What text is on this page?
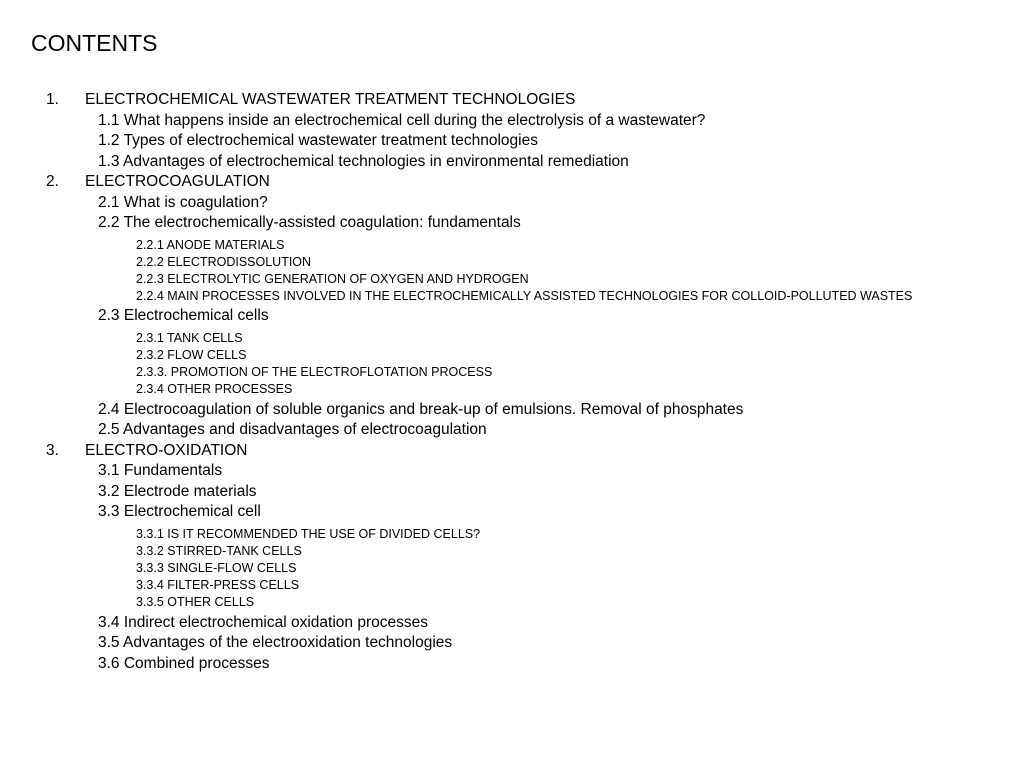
CONTENTS
1. ELECTROCHEMICAL WASTEWATER TREATMENT TECHNOLOGIES
1.1 What happens inside an electrochemical cell during the electrolysis of a wastewater?
1.2 Types of electrochemical wastewater treatment technologies
1.3 Advantages of electrochemical technologies in environmental remediation
2. ELECTROCOAGULATION
2.1 What is coagulation?
2.2 The electrochemically-assisted coagulation: fundamentals
2.2.1 ANODE MATERIALS
2.2.2 ELECTRODISSOLUTION
2.2.3 ELECTROLYTIC GENERATION OF OXYGEN AND HYDROGEN
2.2.4 MAIN PROCESSES INVOLVED IN THE ELECTROCHEMICALLY ASSISTED TECHNOLOGIES FOR COLLOID-POLLUTED WASTES
2.3 Electrochemical cells
2.3.1 TANK CELLS
2.3.2 FLOW CELLS
2.3.3. PROMOTION OF THE ELECTROFLOTATION PROCESS
2.3.4 OTHER PROCESSES
2.4 Electrocoagulation of soluble organics and break-up of emulsions. Removal of phosphates
2.5 Advantages and disadvantages of electrocoagulation
3. ELECTRO-OXIDATION
3.1 Fundamentals
3.2 Electrode materials
3.3 Electrochemical cell
3.3.1 IS IT RECOMMENDED THE USE OF DIVIDED CELLS?
3.3.2 STIRRED-TANK CELLS
3.3.3 SINGLE-FLOW CELLS
3.3.4 FILTER-PRESS CELLS
3.3.5 OTHER CELLS
3.4 Indirect electrochemical oxidation processes
3.5 Advantages of the electrooxidation technologies
3.6 Combined processes
